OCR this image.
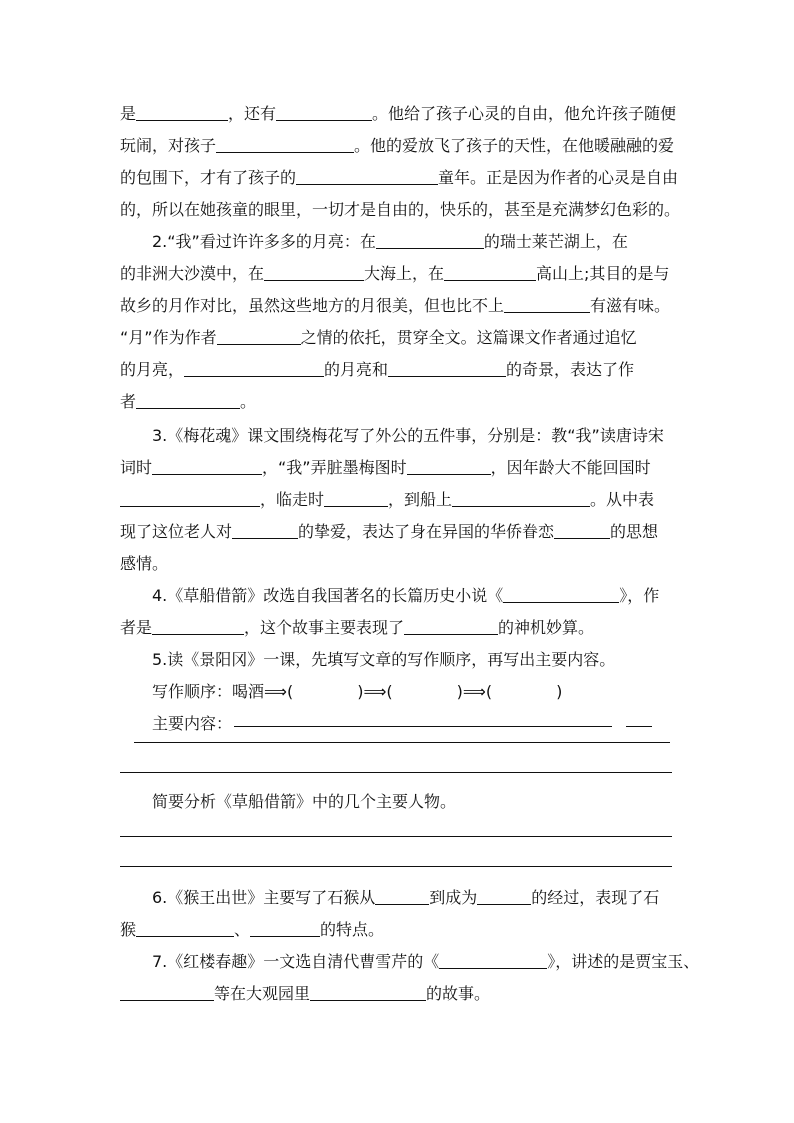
是	，还有	。他给了孩子心灵的自由，他允许孩子随便
玩闹，对孩子	。他的爱放飞了孩子的天性，在他暖融融的爱
的包围下，才有了孩子的	童年。正是因为作者的心灵是自由
的，所以在她孩童的眼里，一切才是自由的，快乐的，甚至是充满梦幻色彩的。
2.“我”看过许许多多的月亮：在	的瑞士莱芒湖上，在
的非洲大沙漠中，在	大海上，在	高山上;其目的是与
故乡的月作对比，虽然这些地方的月很美，但也比不上	有滋有味。
“月”作为作者	之情的依托，贯穿全文。这篇课文作者通过追忆
的月亮，	的月亮和	的奇景，表达了作
者	。
3.《梅花魂》课文围绕梅花写了外公的五件事，分别是：教“我”读唐诗宋
词时	，“我”弄脏墨梅图时	，因年龄大不能回国时
，临走时	，到船上	。从中表
现了这位老人对	的挚爱，表达了身在异国的华侨眷恋	的思想
感情。
4.《草船借箭》改选自我国著名的长篇历史小说《	》，作
者是	，这个故事主要表现了	的神机妙算。
5.读《景阳冈》一课，先填写文章的写作顺序，再写出主要内容。
写作顺序：喝酒⟹(	)⟹(	)⟹(	)
主要内容：
简要分析《草船借箭》中的几个主要人物。
6.《猴王出世》主要写了石猴从	到成为	的经过，表现了石
猴	、	的特点。
7.《红楼春趣》一文选自清代曹雪芹的《	》，讲述的是贾宝玉、
等在大观园里	的故事。
